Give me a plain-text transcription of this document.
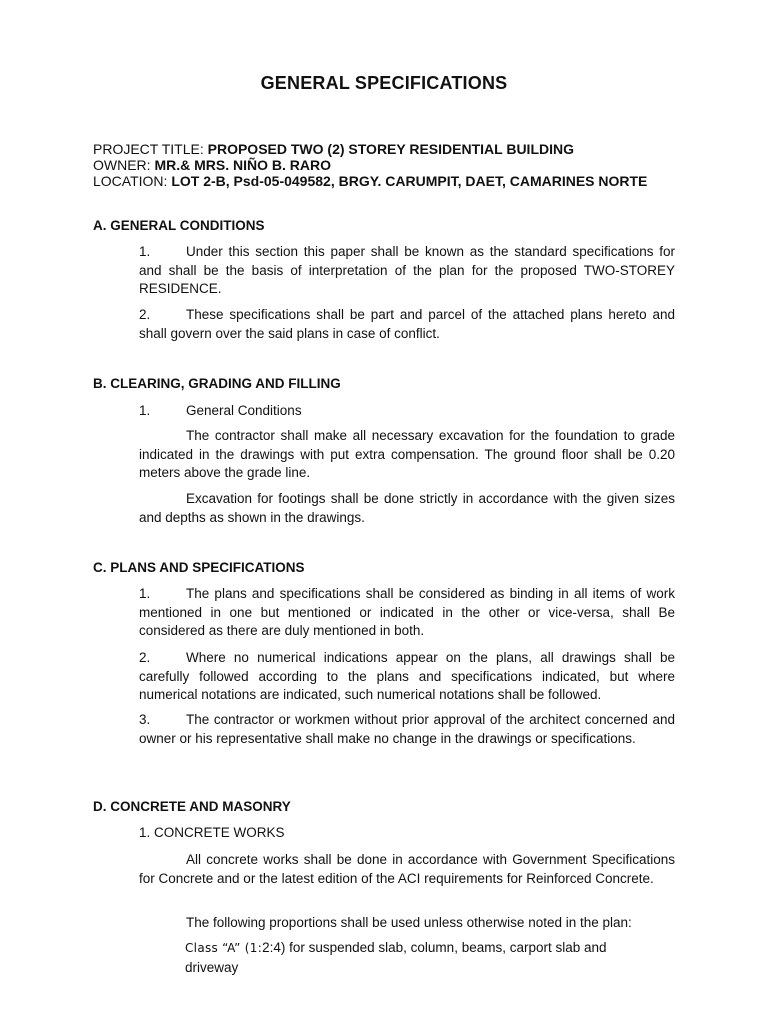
GENERAL SPECIFICATIONS
PROJECT TITLE: PROPOSED TWO (2) STOREY RESIDENTIAL BUILDING
OWNER: MR.& MRS. NIÑO B. RARO
LOCATION: LOT 2-B, Psd-05-049582, BRGY. CARUMPIT, DAET, CAMARINES NORTE
A. GENERAL CONDITIONS
1.	Under this section this paper shall be known as the standard specifications for and shall be the basis of interpretation of the plan for the proposed TWO-STOREY RESIDENCE.
2.	These specifications shall be part and parcel of the attached plans hereto and shall govern over the said plans in case of conflict.
B. CLEARING, GRADING AND FILLING
1.	General Conditions
The contractor shall make all necessary excavation for the foundation to grade indicated in the drawings with put extra compensation. The ground floor shall be 0.20 meters above the grade line.
Excavation for footings shall be done strictly in accordance with the given sizes and depths as shown in the drawings.
C. PLANS AND SPECIFICATIONS
1.	The plans and specifications shall be considered as binding in all items of work mentioned in one but mentioned or indicated in the other or vice-versa, shall Be considered as there are duly mentioned in both.
2.	Where no numerical indications appear on the plans, all drawings shall be carefully followed according to the plans and specifications indicated, but where numerical notations are indicated, such numerical notations shall be followed.
3.	The contractor or workmen without prior approval of the architect concerned and owner or his representative shall make no change in the drawings or specifications.
D. CONCRETE AND MASONRY
1. CONCRETE WORKS
All concrete works shall be done in accordance with Government Specifications for Concrete and or the latest edition of the ACI requirements for Reinforced Concrete.
The following proportions shall be used unless otherwise noted in the plan:
Class “A” (1:2:4) for suspended slab, column, beams, carport slab and
driveway
